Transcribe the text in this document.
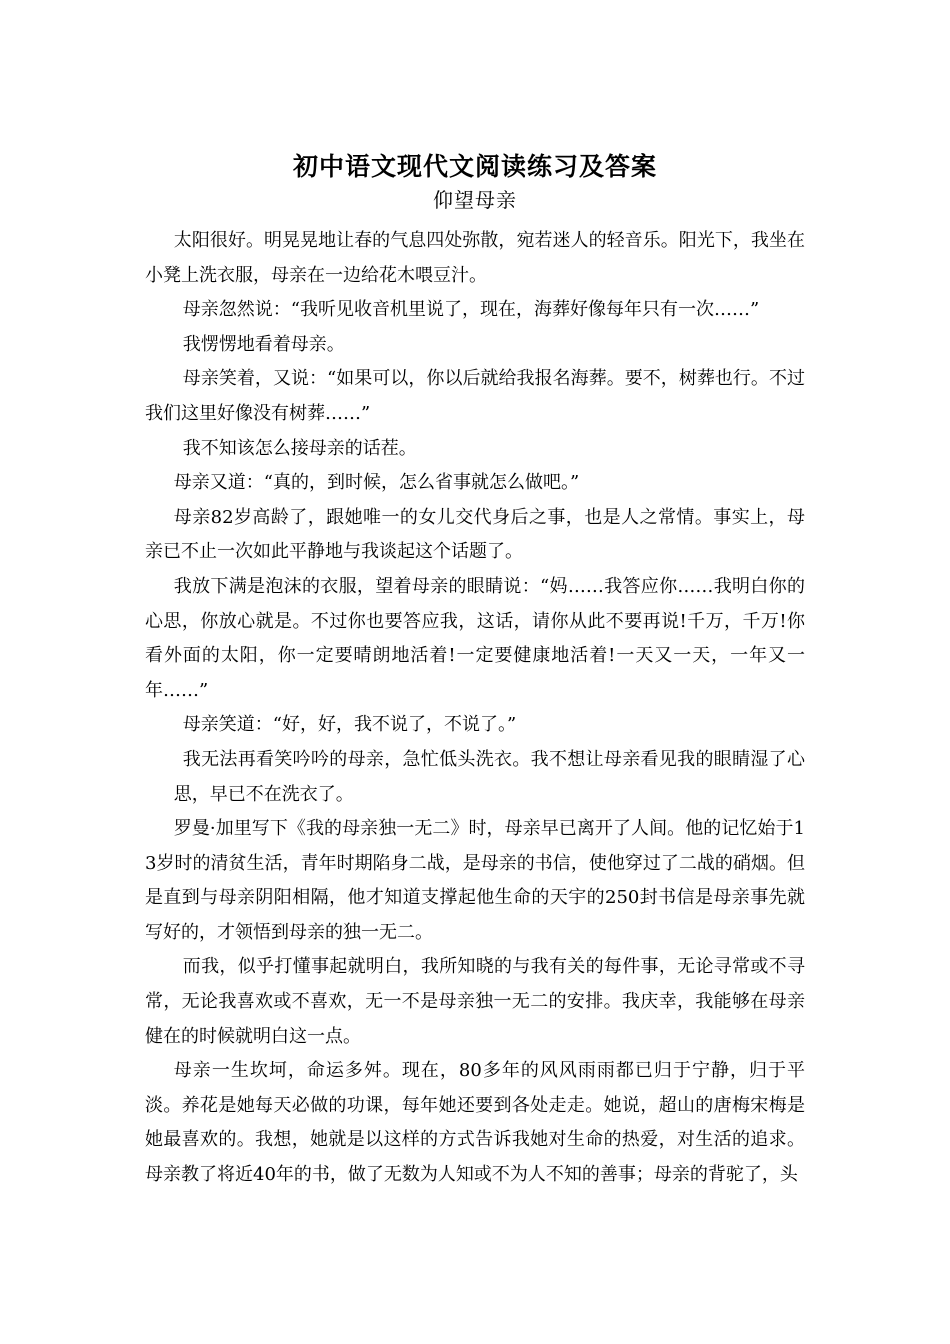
初中语文现代文阅读练习及答案
仰望母亲

太阳很好。明晃晃地让春的气息四处弥散，宛若迷人的轻音乐。阳光下，我坐在小凳上洗衣服，母亲在一边给花木喂豆汁。

母亲忽然说：“我听见收音机里说了，现在，海葬好像每年只有一次……”

我愣愣地看着母亲。

母亲笑着，又说：“如果可以，你以后就给我报名海葬。要不，树葬也行。不过我们这里好像没有树葬……”

我不知该怎么接母亲的话茬。

母亲又道：“真的，到时候，怎么省事就怎么做吧。”

母亲82岁高龄了，跟她唯一的女儿交代身后之事，也是人之常情。事实上，母亲已不止一次如此平静地与我谈起这个话题了。

我放下满是泡沫的衣服，望着母亲的眼睛说：“妈……我答应你……我明白你的心思，你放心就是。不过你也要答应我，这话，请你从此不要再说!千万，千万!你看外面的太阳，你一定要晴朗地活着!一定要健康地活着!一天又一天，一年又一年……”

母亲笑道：“好，好，我不说了，不说了。”

我无法再看笑吟吟的母亲，急忙低头洗衣。我不想让母亲看见我的眼睛湿了心思，早已不在洗衣了。

罗曼·加里写下《我的母亲独一无二》时，母亲早已离开了人间。他的记忆始于13岁时的清贫生活，青年时期陷身二战，是母亲的书信，使他穿过了二战的硝烟。但是直到与母亲阴阳相隔，他才知道支撑起他生命的天宇的250封书信是母亲事先就写好的，才领悟到母亲的独一无二。

而我，似乎打懂事起就明白，我所知晓的与我有关的每件事，无论寻常或不寻常，无论我喜欢或不喜欢，无一不是母亲独一无二的安排。我庆幸，我能够在母亲健在的时候就明白这一点。

母亲一生坎坷，命运多舛。现在，80多年的风风雨雨都已归于宁静，归于平淡。养花是她每天必做的功课，每年她还要到各处走走。她说，超山的唐梅宋梅是她最喜欢的。我想，她就是以这样的方式告诉我她对生命的热爱，对生活的追求。母亲教了将近40年的书，做了无数为人知或不为人不知的善事；母亲的背驼了，头
